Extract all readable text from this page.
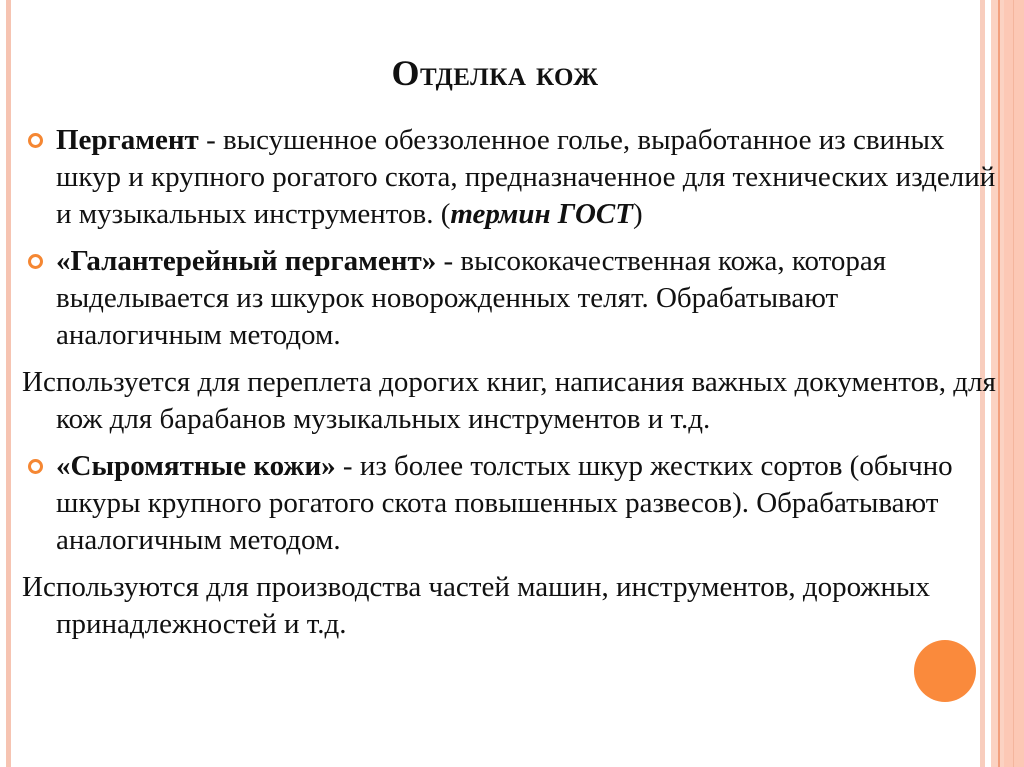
Отделка кож

Пергамент - высушенное обеззоленное голье, выработанное из свиных шкур и крупного рогатого скота, предназначенное для технических изделий и музыкальных инструментов. (термин ГОСТ)

«Галантерейный пергамент» - высококачественная кожа, которая выделывается из шкурок новорожденных телят. Обрабатывают аналогичным методом.

Используется для переплета дорогих книг, написания важных документов, для кож для барабанов музыкальных инструментов и т.д.

«Сыромятные кожи» - из более толстых шкур жестких сортов (обычно шкуры крупного рогатого скота повышенных развесов). Обрабатывают аналогичным методом.

Используются для производства частей машин, инструментов, дорожных принадлежностей и т.д.
